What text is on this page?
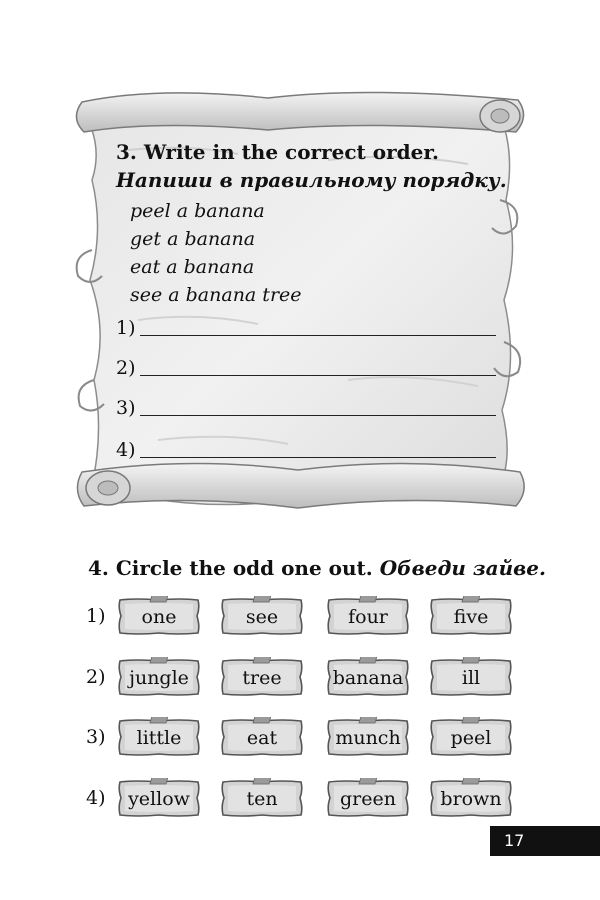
3. Write in the correct order.
Напиши в правильному порядку.
peel a banana
get a banana
eat a banana
see a banana tree
1)
2)
3)
4)
4. Circle the odd one out. Обведи зайве.
1)	one	see	four	five
2)	jungle	tree	banana	ill
3)	little	eat	munch	peel
4)	yellow	ten	green	brown
17
